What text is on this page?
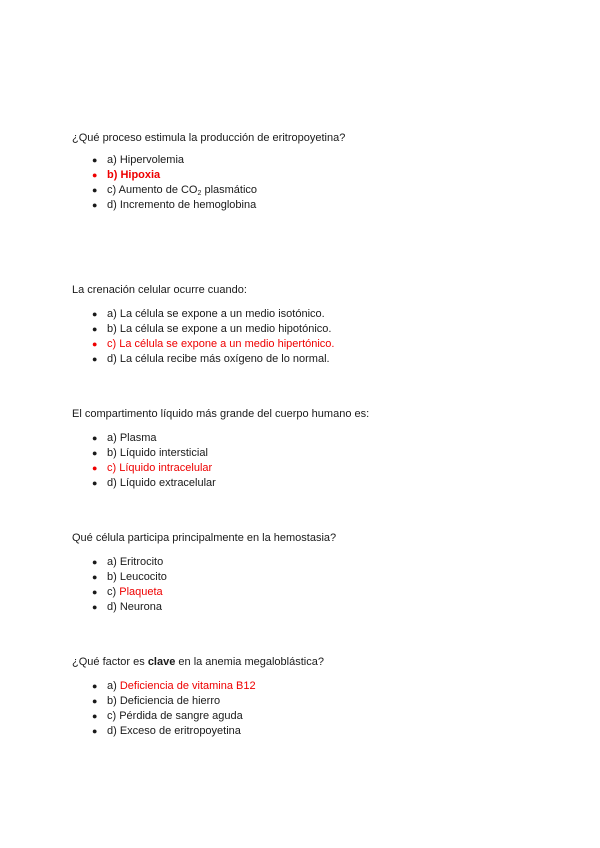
¿Qué proceso estimula la producción de eritropoyetina?

● a) Hipervolemia
● b) Hipoxia
● c) Aumento de $CO_2$ plasmático
● d) Incremento de hemoglobina

La crenación celular ocurre cuando:

● a) La célula se expone a un medio isotónico.
● b) La célula se expone a un medio hipotónico.
● c) La célula se expone a un medio hipertónico.
● d) La célula recibe más oxígeno de lo normal.

El compartimento líquido más grande del cuerpo humano es:

● a) Plasma
● b) Líquido intersticial
● c) Líquido intracelular
● d) Líquido extracelular

Qué célula participa principalmente en la hemostasia?

● a) Eritrocito
● b) Leucocito
● c) Plaqueta
● d) Neurona

¿Qué factor es clave en la anemia megaloblástica?

● a) Deficiencia de vitamina B12
● b) Deficiencia de hierro
● c) Pérdida de sangre aguda
● d) Exceso de eritropoyetina
